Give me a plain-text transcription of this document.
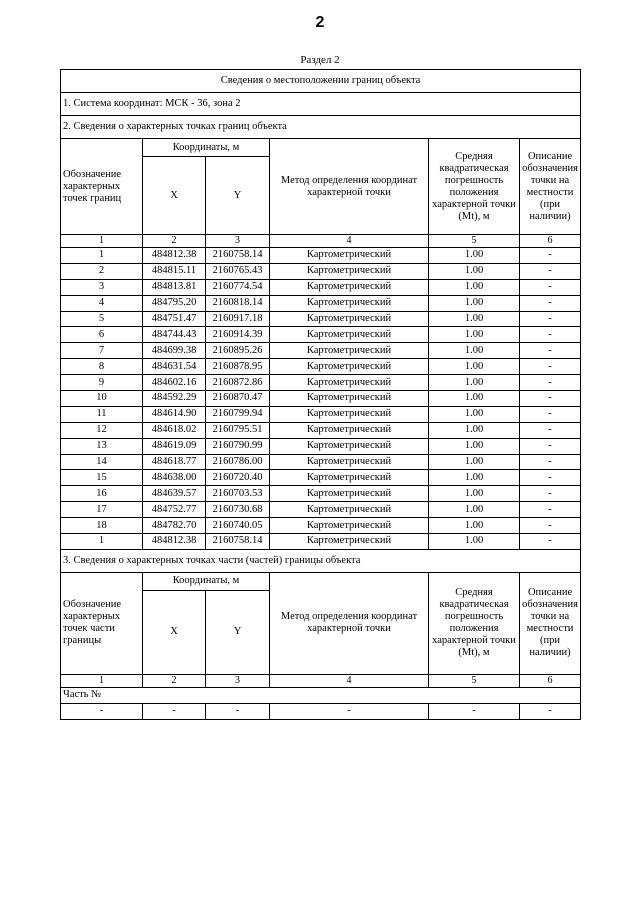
2
Раздел 2
Сведения о местоположении границ объекта					
1. Система координат: МСК - 36, зона 2					
2. Сведения о характерных точках границ объекта					
Обозначение характерных точек границ	Координаты, м		Метод определения координат характерной точки	Средняя квадратическая погрешность положения характерной точки (Mt), м	Описание обозначения точки на местности (при наличии)
	X	Y			
1	2	3	4	5	6
1	484812.38	2160758.14	Картометрический	1.00	-
2	484815.11	2160765.43	Картометрический	1.00	-
3	484813.81	2160774.54	Картометрический	1.00	-
4	484795.20	2160818.14	Картометрический	1.00	-
5	484751.47	2160917.18	Картометрический	1.00	-
6	484744.43	2160914.39	Картометрический	1.00	-
7	484699.38	2160895.26	Картометрический	1.00	-
8	484631.54	2160878.95	Картометрический	1.00	-
9	484602.16	2160872.86	Картометрический	1.00	-
10	484592.29	2160870.47	Картометрический	1.00	-
11	484614.90	2160799.94	Картометрический	1.00	-
12	484618.02	2160795.51	Картометрический	1.00	-
13	484619.09	2160790.99	Картометрический	1.00	-
14	484618.77	2160786.00	Картометрический	1.00	-
15	484638.00	2160720.40	Картометрический	1.00	-
16	484639.57	2160703.53	Картометрический	1.00	-
17	484752.77	2160730.68	Картометрический	1.00	-
18	484782.70	2160740.05	Картометрический	1.00	-
1	484812.38	2160758.14	Картометрический	1.00	-
3. Сведения о характерных точках части (частей) границы объекта					
Обозначение характерных точек части границы	Координаты, м		Метод определения координат характерной точки	Средняя квадратическая погрешность положения характерной точки (Mt), м	Описание обозначения точки на местности (при наличии)
	X	Y			
1	2	3	4	5	6
Часть №					
-	-	-	-	-	-
